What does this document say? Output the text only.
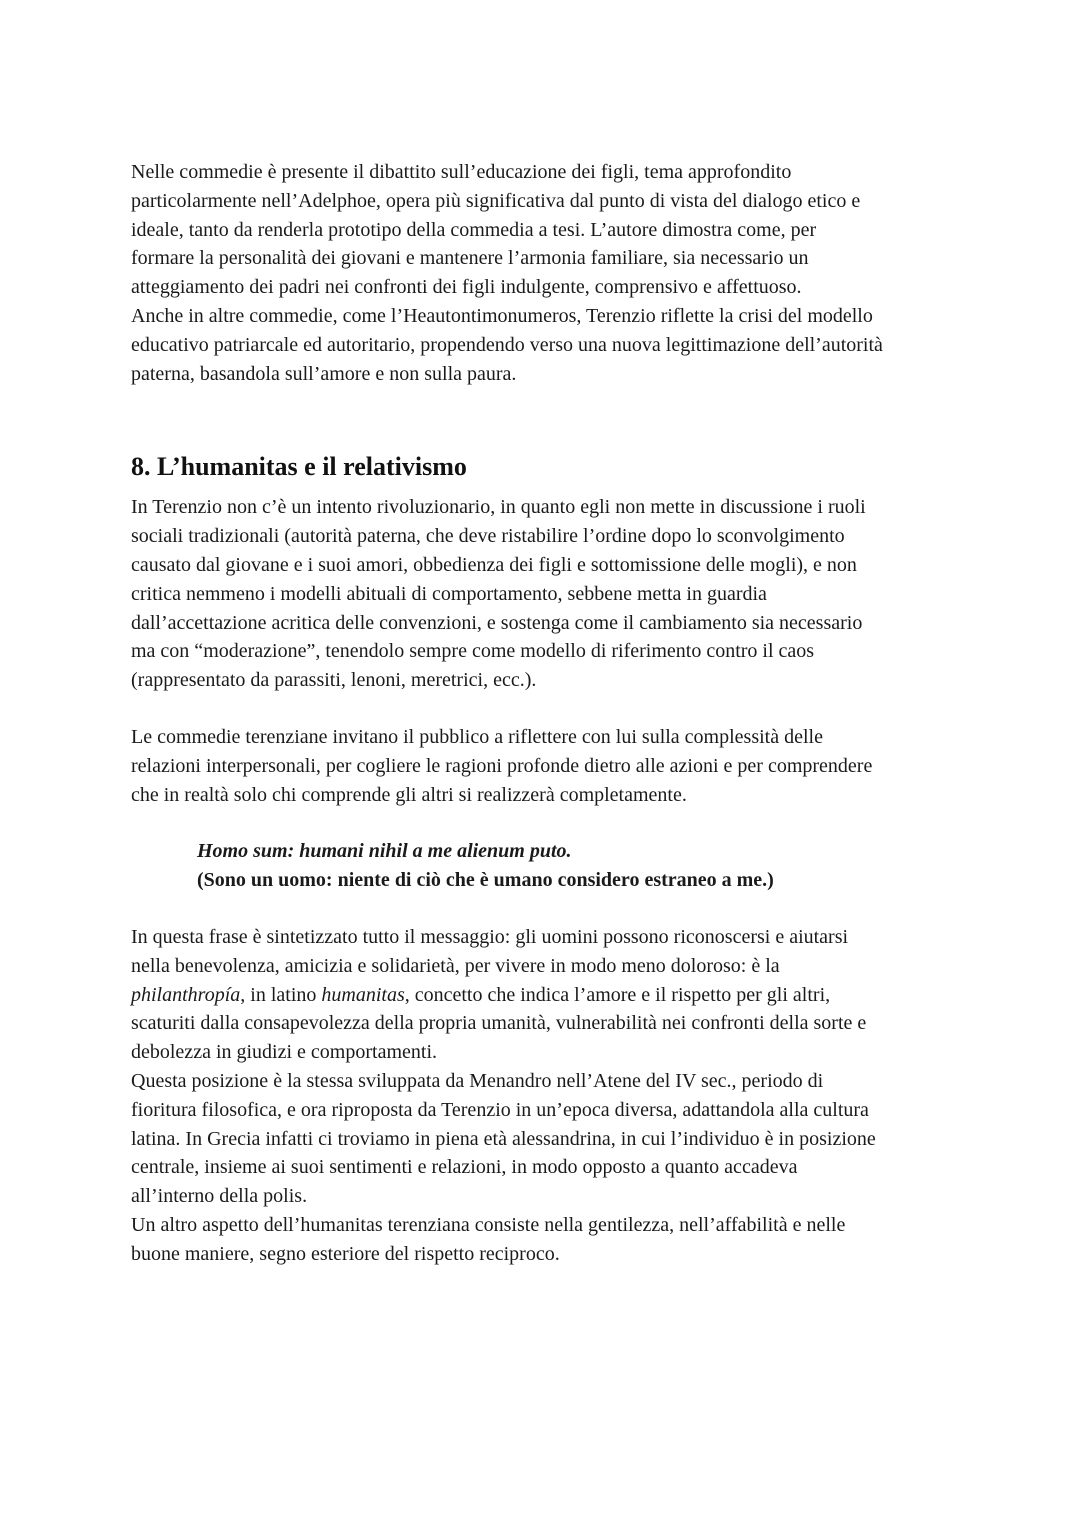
Nelle commedie è presente il dibattito sull’educazione dei figli, tema approfondito
particolarmente nell’Adelphoe, opera più significativa dal punto di vista del dialogo etico e
ideale, tanto da renderla prototipo della commedia a tesi. L’autore dimostra come, per
formare la personalità dei giovani e mantenere l’armonia familiare, sia necessario un
atteggiamento dei padri nei confronti dei figli indulgente, comprensivo e affettuoso.
Anche in altre commedie, come l’Heautontimonumeros, Terenzio riflette la crisi del modello
educativo patriarcale ed autoritario, propendendo verso una nuova legittimazione dell’autorità
paterna, basandola sull’amore e non sulla paura.

8. L’humanitas e il relativismo

In Terenzio non c’è un intento rivoluzionario, in quanto egli non mette in discussione i ruoli
sociali tradizionali (autorità paterna, che deve ristabilire l’ordine dopo lo sconvolgimento
causato dal giovane e i suoi amori, obbedienza dei figli e sottomissione delle mogli), e non
critica nemmeno i modelli abituali di comportamento, sebbene metta in guardia
dall’accettazione acritica delle convenzioni, e sostenga come il cambiamento sia necessario
ma con “moderazione”, tenendolo sempre come modello di riferimento contro il caos
(rappresentato da parassiti, lenoni, meretrici, ecc.).

Le commedie terenziane invitano il pubblico a riflettere con lui sulla complessità delle
relazioni interpersonali, per cogliere le ragioni profonde dietro alle azioni e per comprendere
che in realtà solo chi comprende gli altri si realizzerà completamente.

Homo sum: humani nihil a me alienum puto.
(Sono un uomo: niente di ciò che è umano considero estraneo a me.)

In questa frase è sintetizzato tutto il messaggio: gli uomini possono riconoscersi e aiutarsi
nella benevolenza, amicizia e solidarietà, per vivere in modo meno doloroso: è la
philanthropía, in latino humanitas, concetto che indica l’amore e il rispetto per gli altri,
scaturiti dalla consapevolezza della propria umanità, vulnerabilità nei confronti della sorte e
debolezza in giudizi e comportamenti.
Questa posizione è la stessa sviluppata da Menandro nell’Atene del IV sec., periodo di
fioritura filosofica, e ora riproposta da Terenzio in un’epoca diversa, adattandola alla cultura
latina. In Grecia infatti ci troviamo in piena età alessandrina, in cui l’individuo è in posizione
centrale, insieme ai suoi sentimenti e relazioni, in modo opposto a quanto accadeva
all’interno della polis.
Un altro aspetto dell’humanitas terenziana consiste nella gentilezza, nell’affabilità e nelle
buone maniere, segno esteriore del rispetto reciproco.
